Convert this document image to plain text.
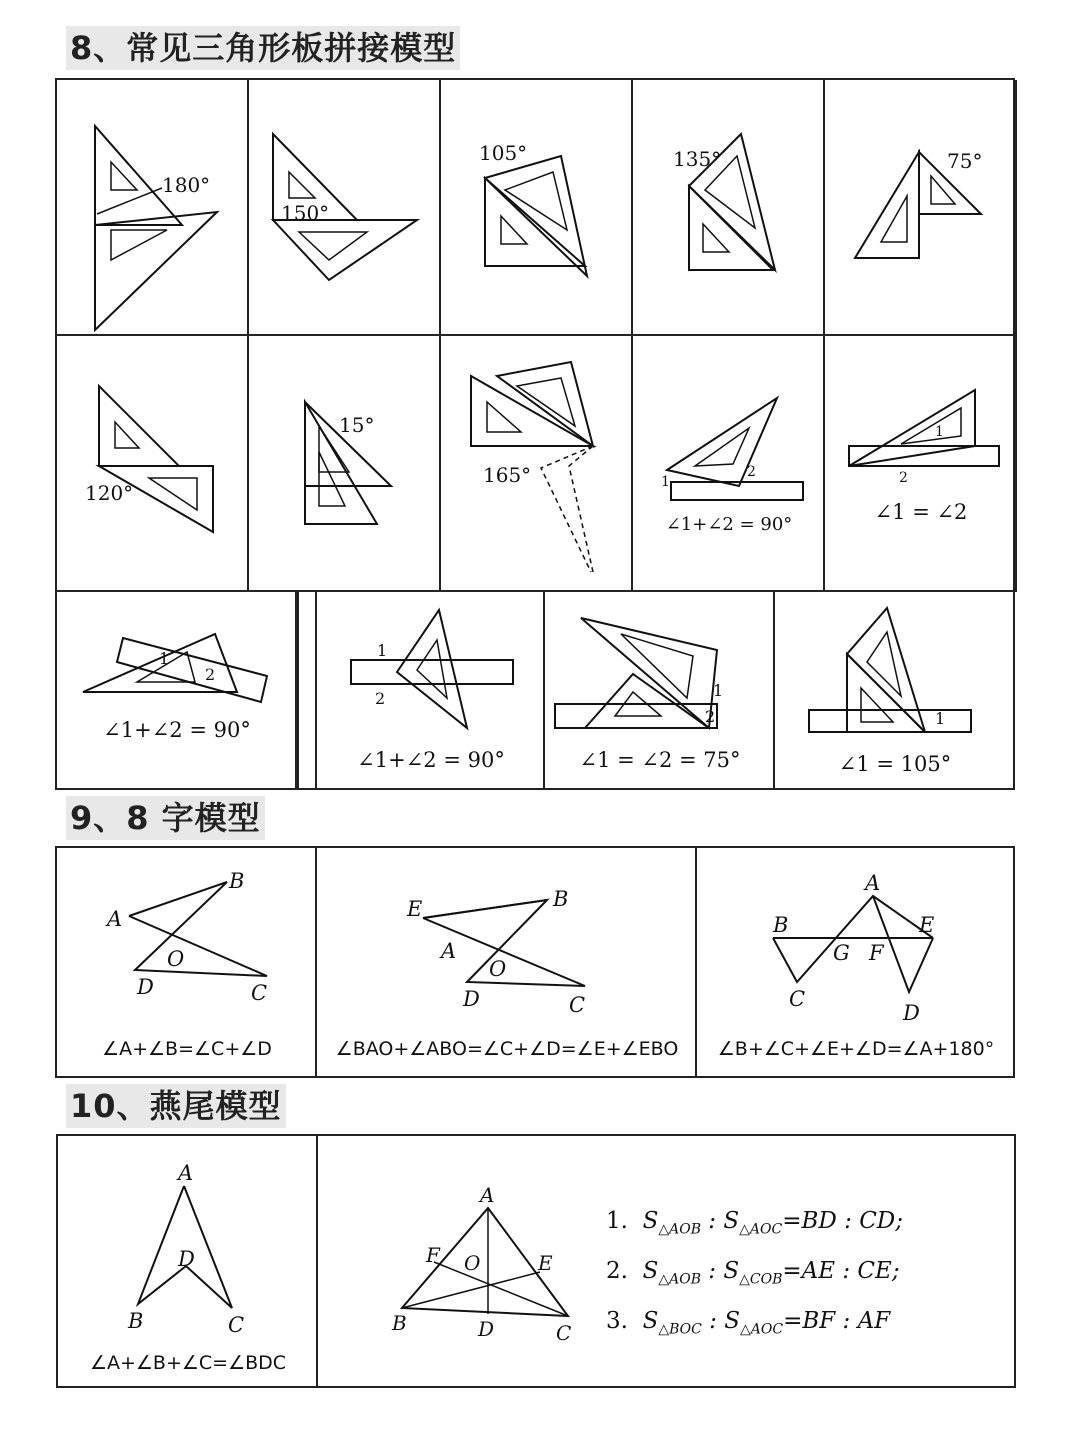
8、常见三角形板拼接模型
180°
150°
105°	135°	75°
120°
15°
165°	1
2
∠1+∠2 = 90°
1
2
∠1 = ∠2
1
2
∠1+∠2 = 90°
1
2
∠1+∠2 = 90°
1
2
∠1 = ∠2 = 75°
1
∠1 = 105°
9、8 字模型
A
B
O
D	C
∠A+∠B=∠C+∠D
E	B
A
O
D	C
∠BAO+∠ABO=∠C+∠D=∠E+∠EBO
A
B	E
G F
C
D
∠B+∠C+∠E+∠D=∠A+180°
10、燕尾模型
A
D
B	C
∠A+∠B+∠C=∠BDC
A
F O	E
B	D	C
1. $S_{\triangle AOB}$ : $S_{\triangle AOC}=BD$ : CD;
2. $S_{\triangle AOB}$ : $S_{\triangle COB}=AE$ : CE;
3. $S_{\triangle BOC}$ : $S_{\triangle AOC}=BF$ : AF
